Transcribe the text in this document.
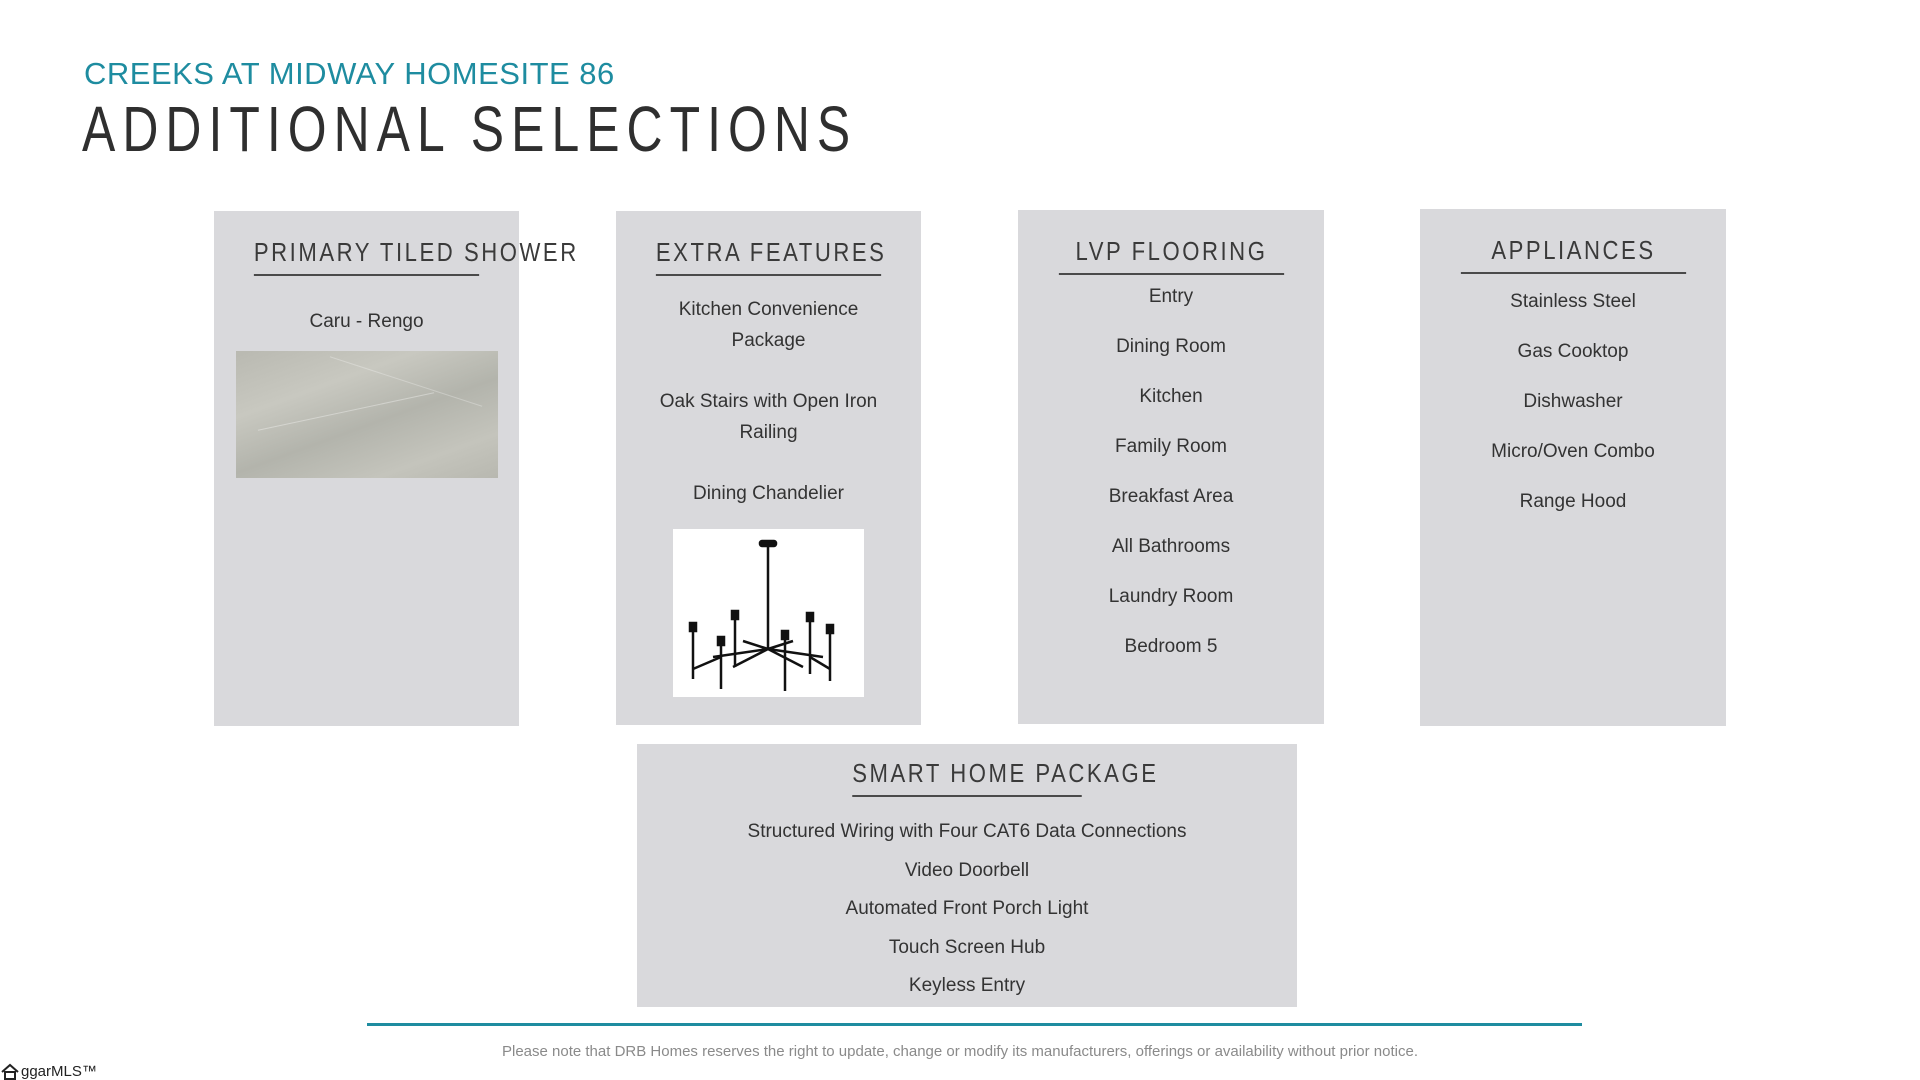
CREEKS AT MIDWAY HOMESITE 86
ADDITIONAL SELECTIONS
PRIMARY TILED SHOWER
Caru - Rengo
EXTRA FEATURES
Kitchen Convenience Package
Oak Stairs with Open Iron Railing
Dining Chandelier
LVP FLOORING
Entry
Dining Room
Kitchen
Family Room
Breakfast Area
All Bathrooms
Laundry Room
Bedroom 5
APPLIANCES
Stainless Steel
Gas Cooktop
Dishwasher
Micro/Oven Combo
Range Hood
SMART HOME PACKAGE
Structured Wiring with Four CAT6 Data Connections
Video Doorbell
Automated Front Porch Light
Touch Screen Hub
Keyless Entry
Please note that DRB Homes reserves the right to update, change or modify its manufacturers, offerings or availability without prior notice.
ggarMLS™
